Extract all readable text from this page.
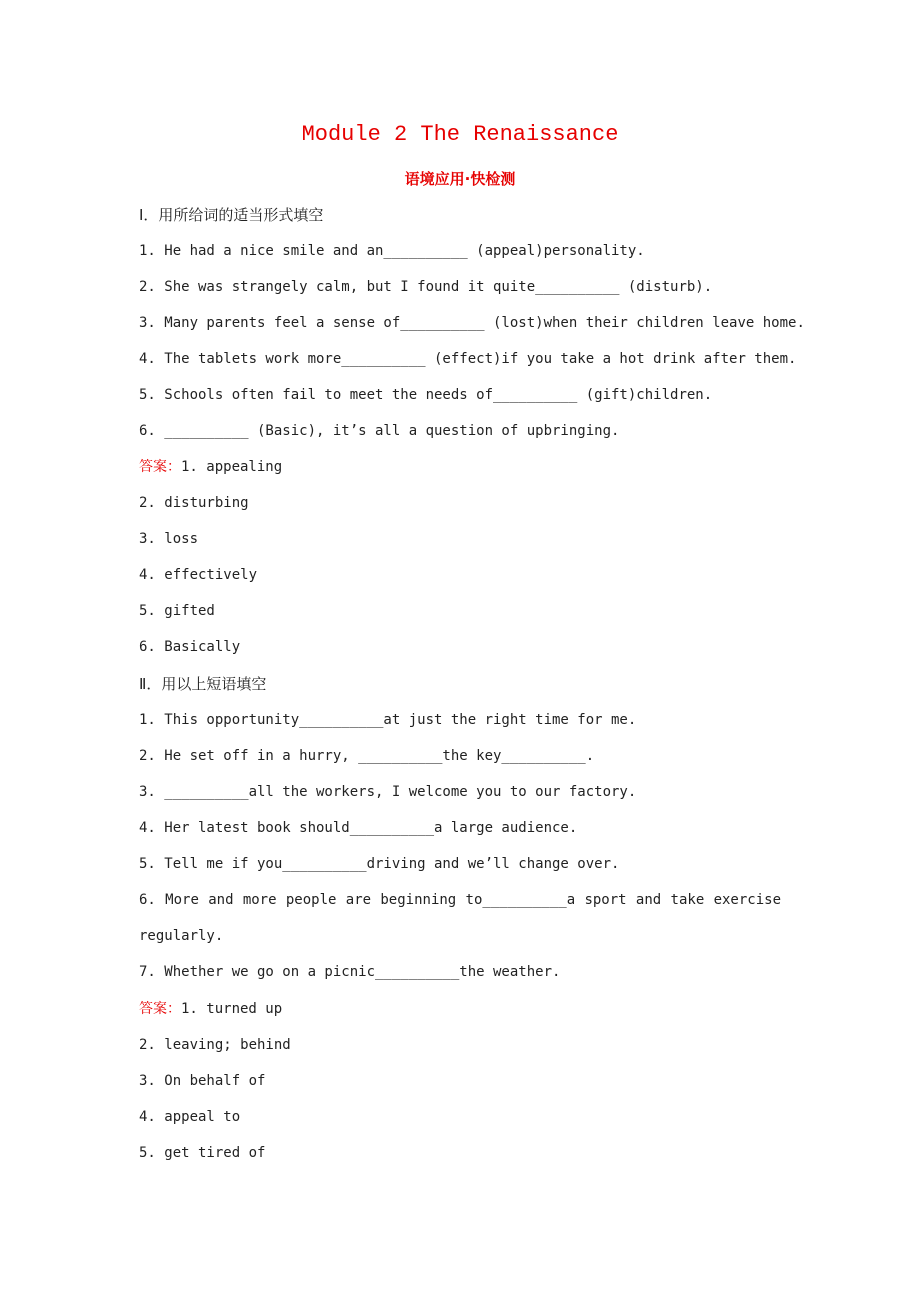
Module 2 The Renaissance
语境应用·快检测
Ⅰ．用所给词的适当形式填空
1. He had a nice smile and an__________ (appeal)personality.
2. She was strangely calm, but I found it quite__________ (disturb).
3. Many parents feel a sense of__________ (lost)when their children leave home.
4. The tablets work more__________ (effect)if you take a hot drink after them.
5. Schools often fail to meet the needs of__________ (gift)children.
6. __________ (Basic), it’s all a question of upbringing.
答案：1. appealing
2. disturbing
3. loss
4. effectively
5. gifted
6. Basically
Ⅱ．用以上短语填空
1. This opportunity__________at just the right time for me.
2. He set off in a hurry, __________the key__________.
3. __________all the workers, I welcome you to our factory.
4. Her latest book should__________a large audience.
5. Tell me if you__________driving and we’ll change over.
6. More and more people are beginning to__________a sport and take exercise
regularly.
7. Whether we go on a picnic__________the weather.
答案：1. turned up
2. leaving; behind
3. On behalf of
4. appeal to
5. get tired of
